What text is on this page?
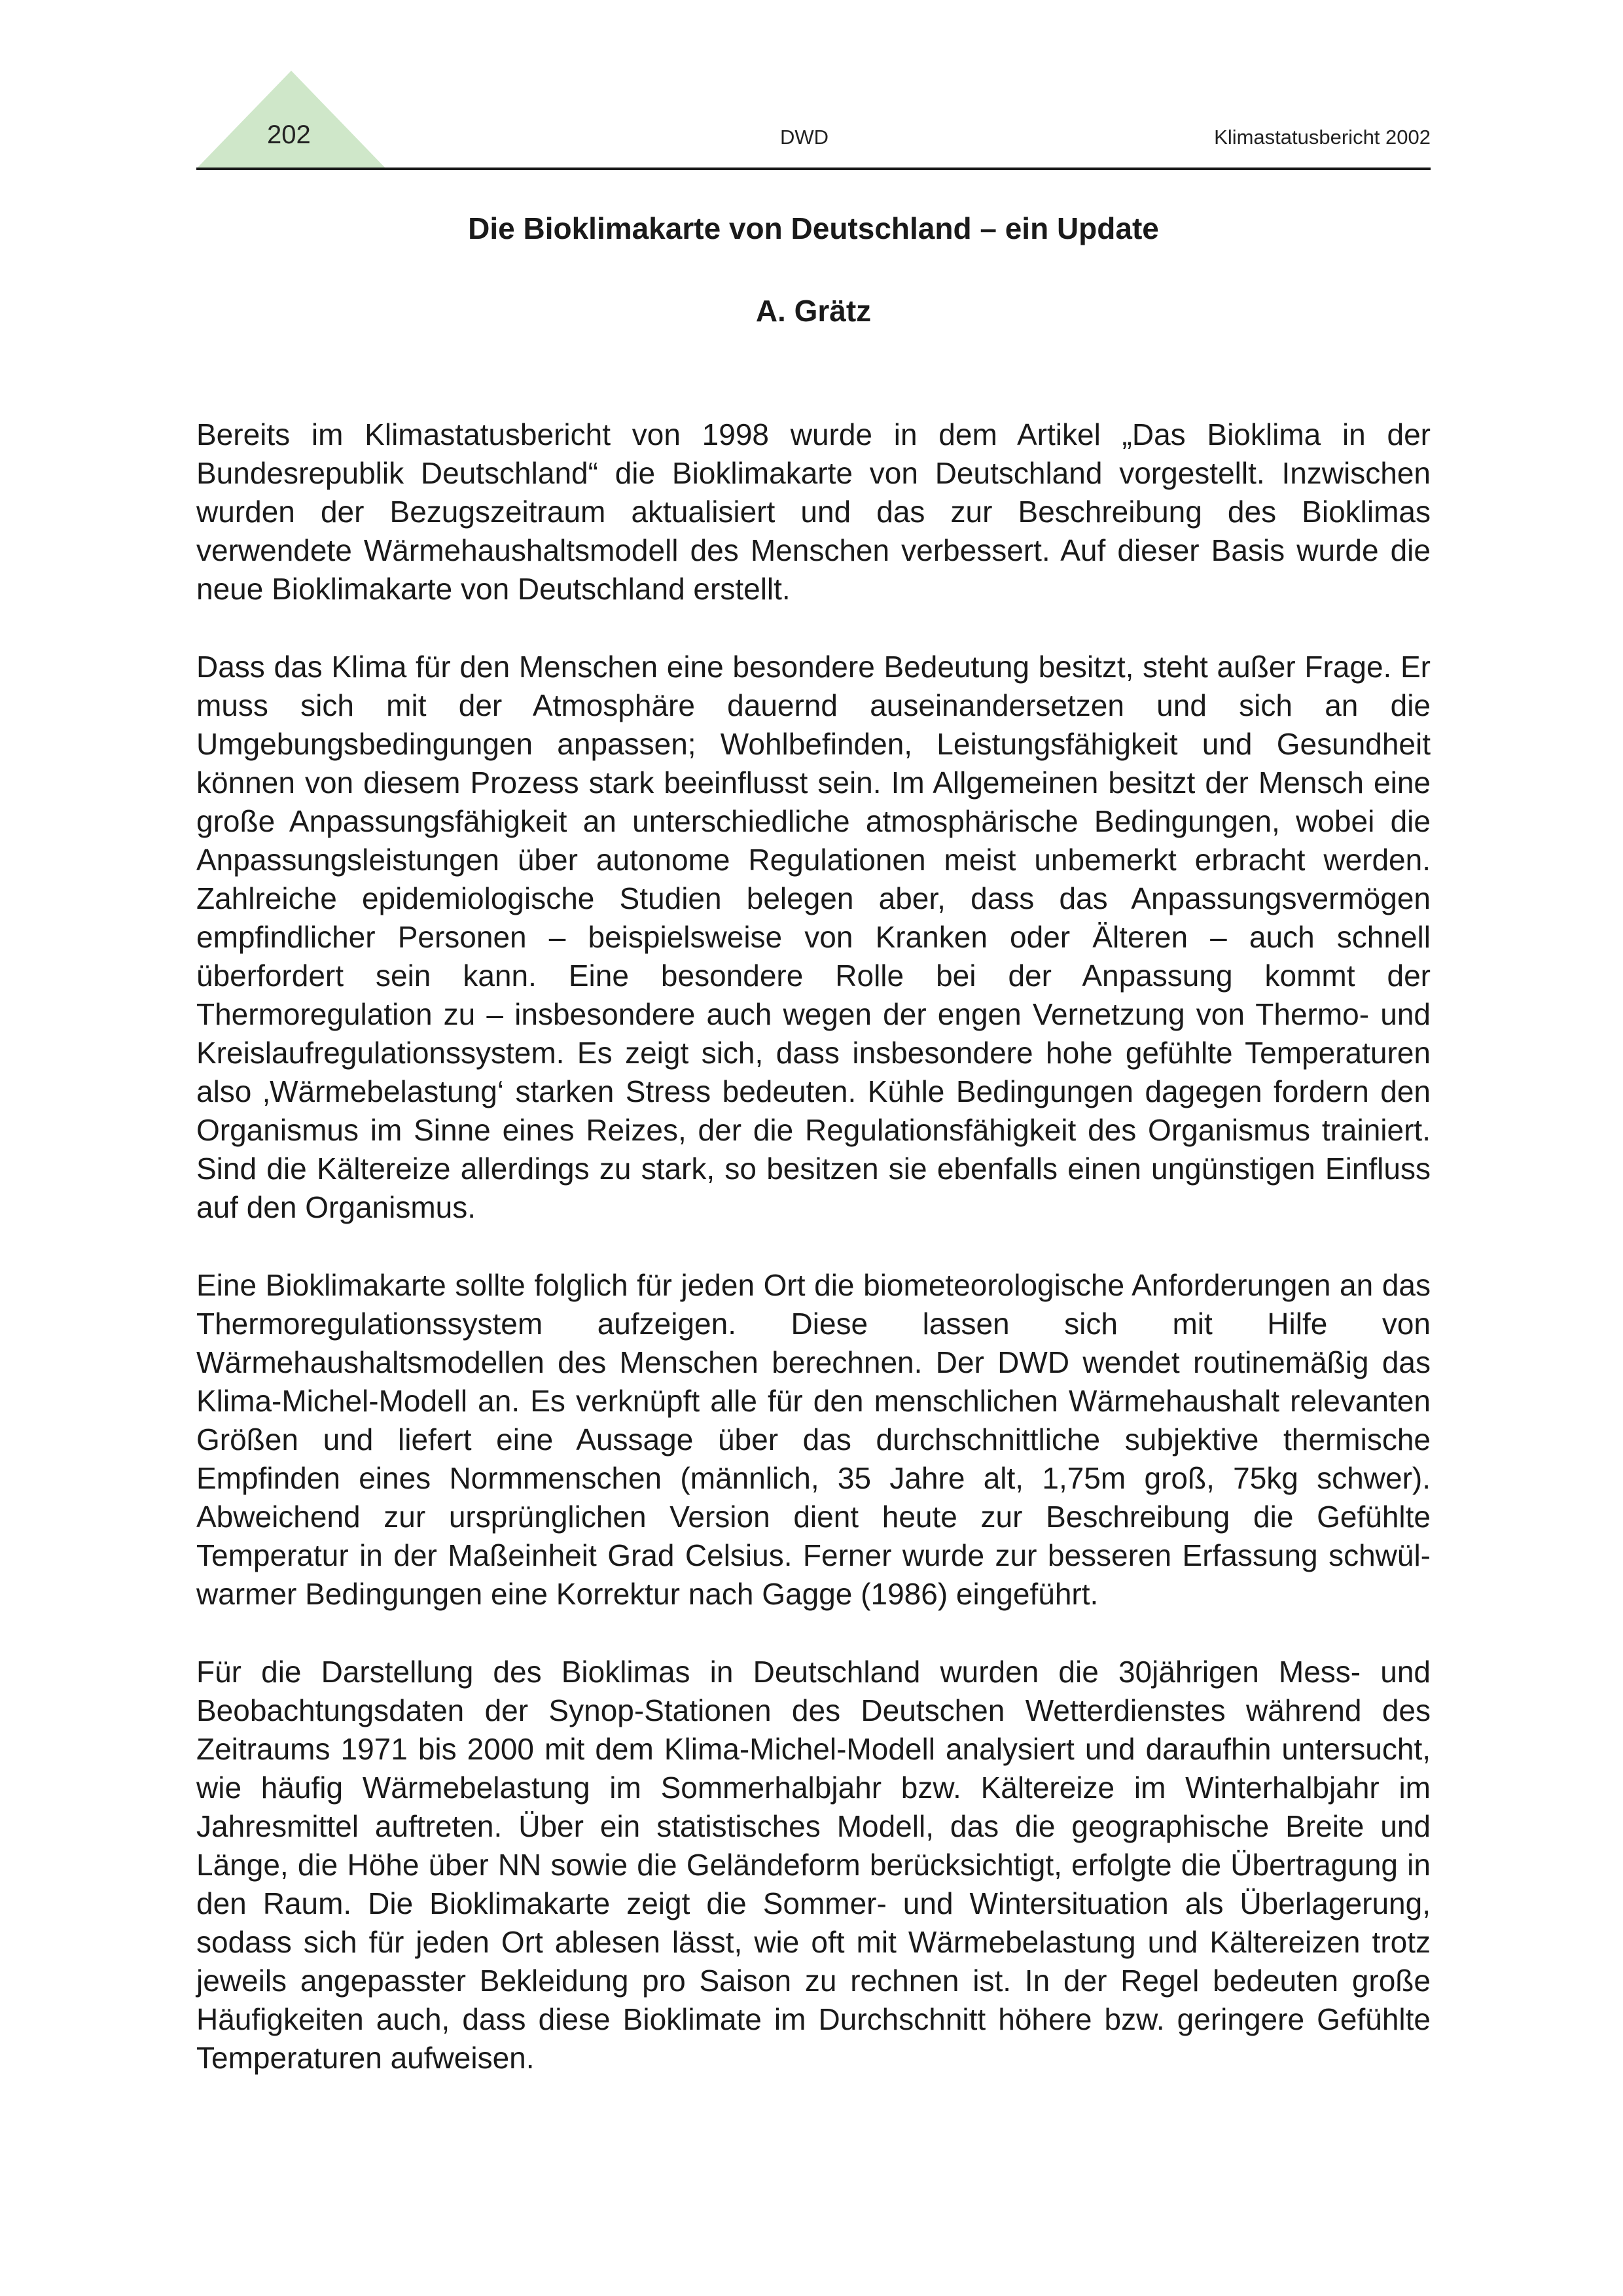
202	DWD	Klimastatusbericht 2002
Die Bioklimakarte von Deutschland – ein Update
A. Grätz

Bereits im Klimastatusbericht von 1998 wurde in dem Artikel „Das Bioklima in der Bundesrepublik Deutschland“ die Bioklimakarte von Deutschland vorgestellt. Inzwischen wurden der Bezugszeitraum aktualisiert und das zur Beschreibung des Bioklimas verwendete Wärmehaushaltsmodell des Menschen verbessert. Auf dieser Basis wurde die neue Bioklimakarte von Deutschland erstellt.

Dass das Klima für den Menschen eine besondere Bedeutung besitzt, steht außer Frage. Er muss sich mit der Atmosphäre dauernd auseinandersetzen und sich an die Umgebungsbedingungen anpassen; Wohlbefinden, Leistungsfähigkeit und Gesundheit können von diesem Prozess stark beeinflusst sein. Im Allgemeinen besitzt der Mensch eine große Anpassungsfähigkeit an unterschiedliche atmosphärische Bedingungen, wobei die Anpassungsleistungen über autonome Regulationen meist unbemerkt erbracht werden. Zahlreiche epidemiologische Studien belegen aber, dass das Anpassungsvermögen empfindlicher Personen – beispielsweise von Kranken oder Älteren – auch schnell überfordert sein kann. Eine besondere Rolle bei der Anpassung kommt der Thermoregulation zu – insbesondere auch wegen der engen Vernetzung von Thermo- und Kreislaufregulationssystem. Es zeigt sich, dass insbesondere hohe gefühlte Temperaturen also ‚Wärmebelastung‘ starken Stress bedeuten. Kühle Bedingungen dagegen fordern den Organismus im Sinne eines Reizes, der die Regulationsfähigkeit des Organismus trainiert. Sind die Kältereize allerdings zu stark, so besitzen sie ebenfalls einen ungünstigen Einfluss auf den Organismus.

Eine Bioklimakarte sollte folglich für jeden Ort die biometeorologische Anforderungen an das Thermoregulationssystem aufzeigen. Diese lassen sich mit Hilfe von Wärmehaushaltsmodellen des Menschen berechnen. Der DWD wendet routinemäßig das Klima-Michel-Modell an. Es verknüpft alle für den menschlichen Wärmehaushalt relevanten Größen und liefert eine Aussage über das durchschnittliche subjektive thermische Empfinden eines Normmenschen (männlich, 35 Jahre alt, 1,75m groß, 75kg schwer). Abweichend zur ursprünglichen Version dient heute zur Beschreibung die Gefühlte Temperatur in der Maßeinheit Grad Celsius. Ferner wurde zur besseren Erfassung schwül-warmer Bedingungen eine Korrektur nach Gagge (1986) eingeführt.

Für die Darstellung des Bioklimas in Deutschland wurden die 30jährigen Mess- und Beobachtungsdaten der Synop-Stationen des Deutschen Wetterdienstes während des Zeitraums 1971 bis 2000 mit dem Klima-Michel-Modell analysiert und daraufhin untersucht, wie häufig Wärmebelastung im Sommerhalbjahr bzw. Kältereize im Winterhalbjahr im Jahresmittel auftreten. Über ein statistisches Modell, das die geographische Breite und Länge, die Höhe über NN sowie die Geländeform berücksichtigt, erfolgte die Übertragung in den Raum. Die Bioklimakarte zeigt die Sommer- und Wintersituation als Überlagerung, sodass sich für jeden Ort ablesen lässt, wie oft mit Wärmebelastung und Kältereizen trotz jeweils angepasster Bekleidung pro Saison zu rechnen ist. In der Regel bedeuten große Häufigkeiten auch, dass diese Bioklimate im Durchschnitt höhere bzw. geringere Gefühlte Temperaturen aufweisen.
